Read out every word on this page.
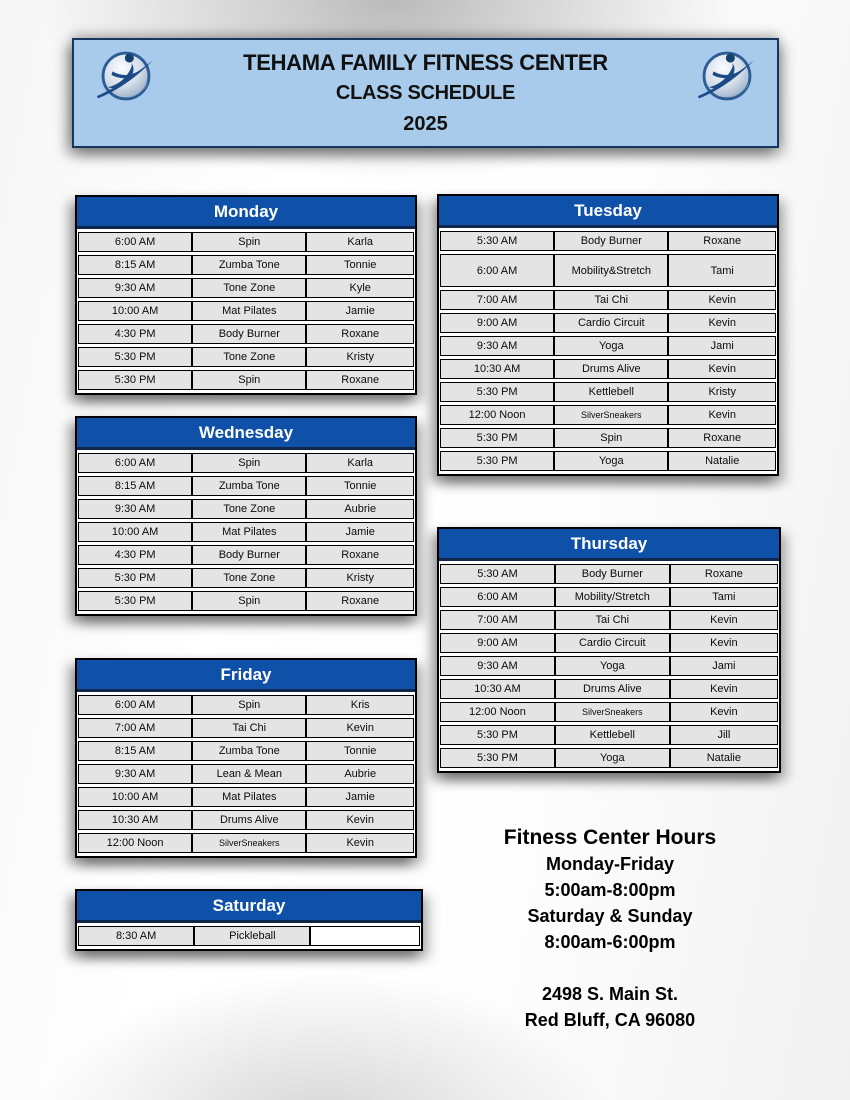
TEHAMA FAMILY FITNESS CENTER
CLASS SCHEDULE
2025
Monday
6:00 AM	Spin	Karla
8:15 AM	Zumba Tone	Tonnie
9:30 AM	Tone Zone	Kyle
10:00 AM	Mat Pilates	Jamie
4:30 PM	Body Burner	Roxane
5:30 PM	Tone Zone	Kristy
5:30 PM	Spin	Roxane
Tuesday
5:30 AM	Body Burner	Roxane
6:00 AM	Mobility&Stretch	Tami
7:00 AM	Tai Chi	Kevin
9:00 AM	Cardio Circuit	Kevin
9:30 AM	Yoga	Jami
10:30 AM	Drums Alive	Kevin
5:30 PM	Kettlebell	Kristy
12:00 Noon	SilverSneakers	Kevin
5:30 PM	Spin	Roxane
5:30 PM	Yoga	Natalie
Wednesday
6:00 AM	Spin	Karla
8:15 AM	Zumba Tone	Tonnie
9:30 AM	Tone Zone	Aubrie
10:00 AM	Mat Pilates	Jamie
4:30 PM	Body Burner	Roxane
5:30 PM	Tone Zone	Kristy
5:30 PM	Spin	Roxane
Thursday
5:30 AM	Body Burner	Roxane
6:00 AM	Mobility/Stretch	Tami
7:00 AM	Tai Chi	Kevin
9:00 AM	Cardio Circuit	Kevin
9:30 AM	Yoga	Jami
10:30 AM	Drums Alive	Kevin
12:00 Noon	SilverSneakers	Kevin
5:30 PM	Kettlebell	Jill
5:30 PM	Yoga	Natalie
Friday
6:00 AM	Spin	Kris
7:00 AM	Tai Chi	Kevin
8:15 AM	Zumba Tone	Tonnie
9:30 AM	Lean & Mean	Aubrie
10:00 AM	Mat Pilates	Jamie
10:30 AM	Drums Alive	Kevin
12:00 Noon	SilverSneakers	Kevin
Saturday
8:30 AM	Pickleball
Fitness Center Hours
Monday-Friday
5:00am-8:00pm
Saturday & Sunday
8:00am-6:00pm
2498 S. Main St.
Red Bluff, CA 96080
